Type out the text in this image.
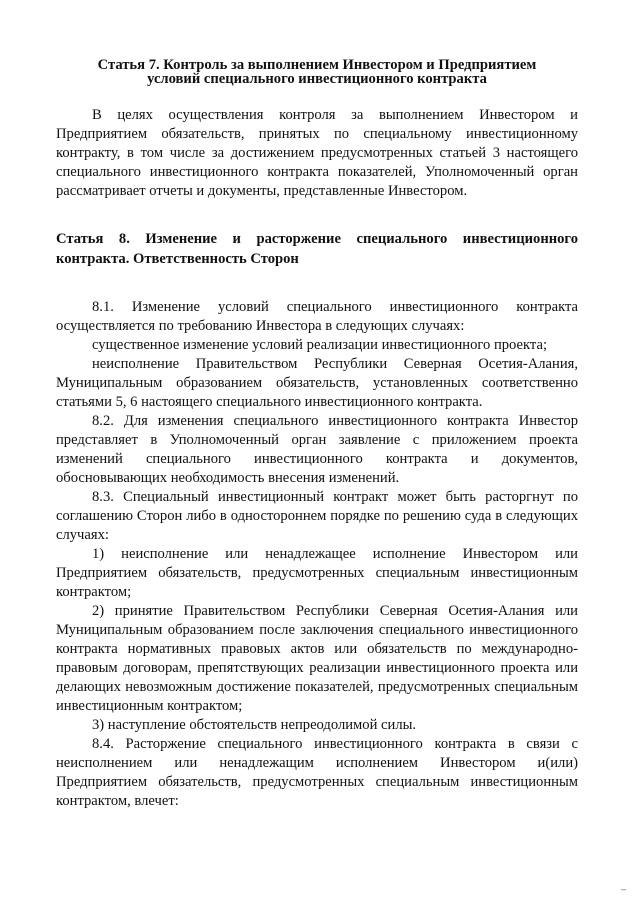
Статья 7. Контроль за выполнением Инвестором и Предприятием
условий специального инвестиционного контракта

В целях осуществления контроля за выполнением Инвестором и Предприятием обязательств, принятых по специальному инвестиционному контракту, в том числе за достижением предусмотренных статьей 3 настоящего специального инвестиционного контракта показателей, Уполномоченный орган рассматривает отчеты и документы, представленные Инвестором.

Статья 8. Изменение и расторжение специального инвестиционного контракта. Ответственность Сторон

8.1. Изменение условий специального инвестиционного контракта осуществляется по требованию Инвестора в следующих случаях:

существенное изменение условий реализации инвестиционного проекта;

неисполнение Правительством Республики Северная Осетия-Алания, Муниципальным образованием обязательств, установленных соответственно статьями 5, 6 настоящего специального инвестиционного контракта.

8.2. Для изменения специального инвестиционного контракта Инвестор представляет в Уполномоченный орган заявление с приложением проекта изменений специального инвестиционного контракта и документов, обосновывающих необходимость внесения изменений.

8.3. Специальный инвестиционный контракт может быть расторгнут по соглашению Сторон либо в одностороннем порядке по решению суда в следующих случаях:

1) неисполнение или ненадлежащее исполнение Инвестором или Предприятием обязательств, предусмотренных специальным инвестиционным контрактом;

2) принятие Правительством Республики Северная Осетия-Алания или Муниципальным образованием после заключения специального инвестиционного контракта нормативных правовых актов или обязательств по международно-правовым договорам, препятствующих реализации инвестиционного проекта или делающих невозможным достижение показателей, предусмотренных специальным инвестиционным контрактом;

3) наступление обстоятельств непреодолимой силы.

8.4. Расторжение специального инвестиционного контракта в связи с неисполнением или ненадлежащим исполнением Инвестором и(или) Предприятием обязательств, предусмотренных специальным инвестиционным контрактом, влечет:

_
